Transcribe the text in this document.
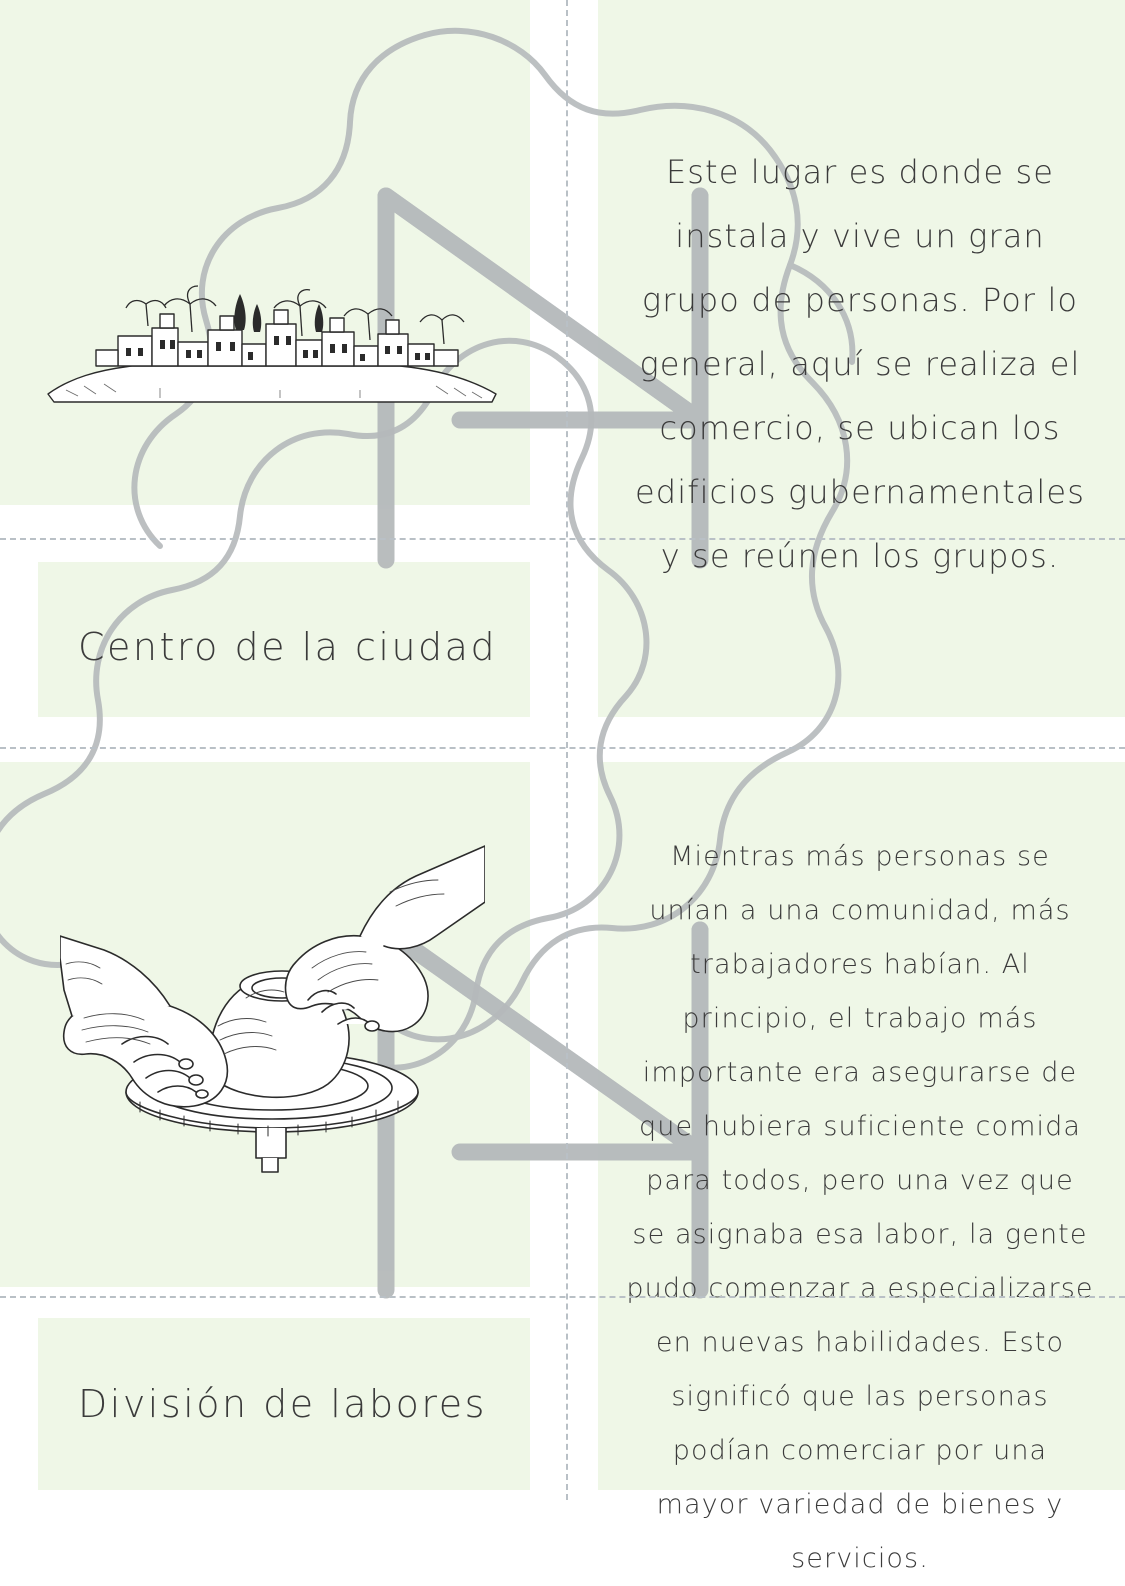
Este lugar es donde se instala y vive un gran grupo de personas. Por lo general, aquí se realiza el comercio, se ubican los edificios gubernamentales y se reúnen los grupos.
Centro de la ciudad
Mientras más personas se unían a una comunidad, más trabajadores habían. Al principio, el trabajo más importante era asegurarse de que hubiera suficiente comida para todos, pero una vez que se asignaba esa labor, la gente pudo comenzar a especializarse en nuevas habilidades. Esto significó que las personas podían comerciar por una mayor variedad de bienes y servicios.
División de labores
